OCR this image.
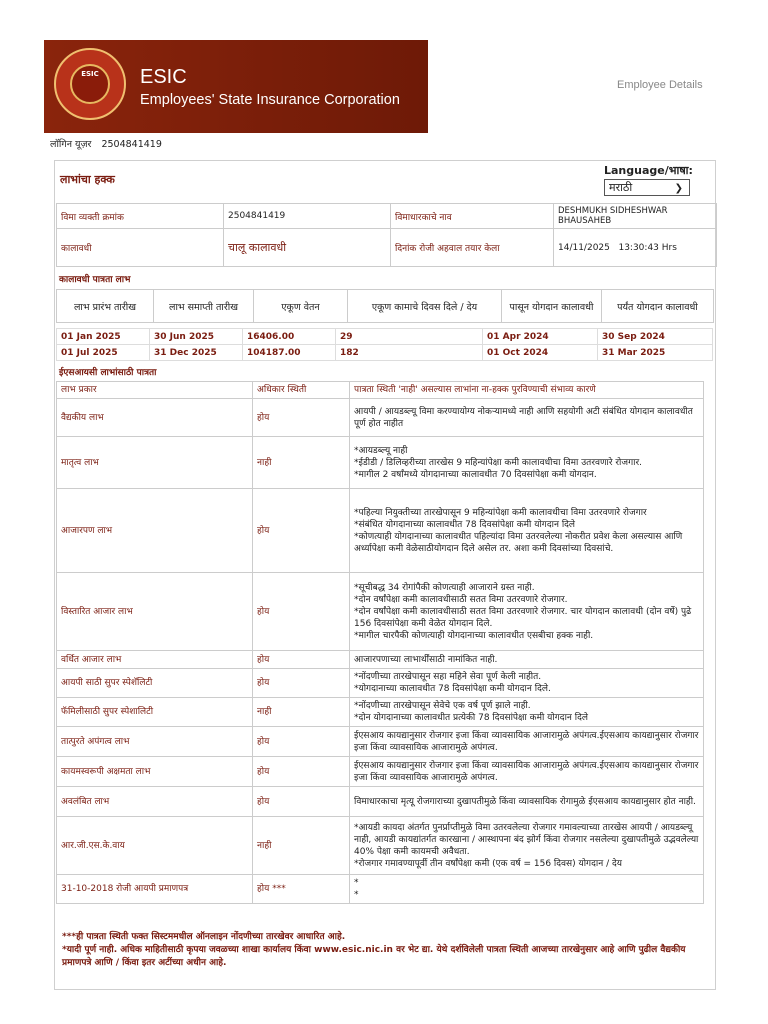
ESIC	ESIC
Employees' State Insurance Corporation
Employee Details
लॉगिन यूज़र 2504841419
लाभांचा हक्क
Language/भाषा:
मराठी	❯
विमा व्यक्ती क्रमांक	2504841419	विमाधारकाचे नाव	DESHMUKH SIDHESHWAR BHAUSAHEB
कालावधी	चालू कालावधी	दिनांक रोजी अहवाल तयार केला	14/11/2025 13:30:43 Hrs
कालावधी पात्रता लाभ
लाभ प्रारंभ तारीख	लाभ समाप्ती तारीख	एकूण वेतन	एकूण कामाचे दिवस दिले / देय	पासून योगदान कालावधी	पर्यंत योगदान कालावधी
01 Jan 2025	30 Jun 2025	16406.00	29	01 Apr 2024	30 Sep 2024
01 Jul 2025	31 Dec 2025	104187.00	182	01 Oct 2024	31 Mar 2025
ईएसआयसी लाभांसाठी पात्रता
लाभ प्रकार	अधिकार स्थिती	पात्रता स्थिती 'नाही' असल्यास लाभांना ना-हक्क पुरविण्याची संभाव्य कारणे
वैद्यकीय लाभ	होय	आयपी / आयडब्ल्यू विमा करण्यायोग्य नोकऱ्यामध्ये नाही आणि सहयोगी अटी संबंधित योगदान कालावधीत पूर्ण होत नाहीत

मातृत्व लाभ	नाही	*आयडब्ल्यू नाही
*ईडीडी / डिलिव्हरीच्या तारखेस 9 महिन्यांपेक्षा कमी कालावधीचा विमा उतरवणारे रोजगार.
*मागील 2 वर्षांमध्ये योगदानाच्या कालावधीत 70 दिवसांपेक्षा कमी योगदान.

आजारपण लाभ	होय	*पहिल्या नियुक्तीच्या तारखेपासून 9 महिन्यांपेक्षा कमी कालावधीचा विमा उतरवणारे रोजगार
*संबंधित योगदानाच्या कालावधीत 78 दिवसांपेक्षा कमी योगदान दिले
*कोणत्याही योगदानाच्या कालावधीत पहिल्यांदा विमा उतरवलेल्या नोकरीत प्रवेश केला असल्यास आणि अर्ध्यापेक्षा कमी वेळेसाठीयोगदान दिले असेल तर. अशा कमी दिवसांच्या दिवसांचे.

विस्तारित आजार लाभ	होय	*सूचीबद्ध 34 रोगांपैकी कोणत्याही आजाराने ग्रस्त नाही.
*दोन वर्षांपेक्षा कमी कालावधीसाठी सतत विमा उतरवणारे रोजगार.
*दोन वर्षांपेक्षा कमी कालावधीसाठी सतत विमा उतरवणारे रोजगार. चार योगदान कालावधी (दोन वर्षे) पुढे 156 दिवसांपेक्षा कमी वेळेत योगदान दिले.
*मागील चारपैकी कोणत्याही योगदानाच्या कालावधीत एसबीचा हक्क नाही.

वर्धित आजार लाभ	होय	आजारपणाच्या लाभार्थींसाठी नामांकित नाही.

आयपी साठी सुपर स्पेशॅलिटी	होय	*नोंदणीच्या तारखेपासून सहा महिने सेवा पूर्ण केली नाहीत.
*योगदानाच्या कालावधीत 78 दिवसांपेक्षा कमी योगदान दिले.

फॅमिलीसाठी सुपर स्पेशालिटी	नाही	*नोंदणीच्या तारखेपासून सेवेचे एक वर्ष पूर्ण झाले नाही.
*दोन योगदानाच्या कालावधीत प्रत्येकी 78 दिवसांपेक्षा कमी योगदान दिले

तात्पुरते अपंगत्व लाभ	होय	ईएसआय कायद्यानुसार रोजगार इजा किंवा व्यावसायिक आजारामुळे अपंगत्व.ईएसआय कायद्यानुसार रोजगार इजा किंवा व्यावसायिक आजारामुळे अपंगत्व.

कायमस्वरूपी अक्षमता लाभ	होय	ईएसआय कायद्यानुसार रोजगार इजा किंवा व्यावसायिक आजारामुळे अपंगत्व.ईएसआय कायद्यानुसार रोजगार इजा किंवा व्यावसायिक आजारामुळे अपंगत्व.

अवलंबित लाभ	होय	विमाधारकाचा मृत्यू रोजगाराच्या दुखापतीमुळे किंवा व्यावसायिक रोगामुळे ईएसआय कायद्यानुसार होत नाही.

आर.जी.एस.के.वाय	नाही	*आयडी कायदा अंतर्गत पुनर्प्राप्तीमुळे विमा उतरवलेल्या रोजगार गमावल्याच्या तारखेस आयपी / आयडब्ल्यू नाही, आयडी कायद्यांतर्गत कारखाना / आस्थापना बंद झोर्ग किंवा रोजगार नसलेल्या दुखापतीमुळे उद्भवलेल्या 40% पेक्षा कमी कायमची अवैधता.
*रोजगार गमावण्यापूर्वी तीन वर्षांपेक्षा कमी (एक वर्ष = 156 दिवस) योगदान / देय

31-10-2018 रोजी आयपी प्रमाणपत्र	होय ***	*
*
***ही पात्रता स्थिती फक्त सिस्टममधील ऑनलाइन नोंदणीच्या तारखेवर आधारित आहे.
*यादी पूर्ण नाही. अधिक माहितीसाठी कृपया जवळच्या शाखा कार्यालय किंवा www.esic.nic.in वर भेट द्या. येथे दर्शविलेली पात्रता स्थिती आजच्या तारखेनुसार आहे आणि पुढील वैद्यकीय प्रमाणपत्रे आणि / किंवा इतर अटींच्या अधीन आहे.
